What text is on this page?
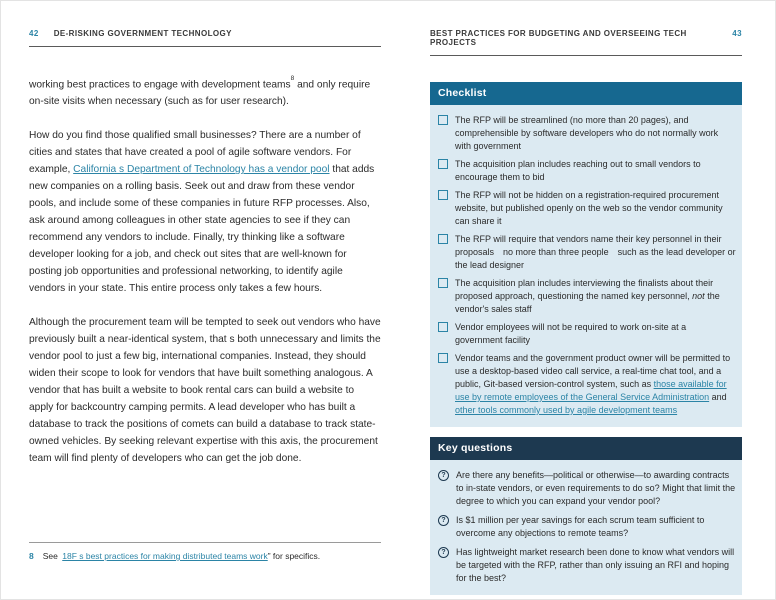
42 DE-RISKING GOVERNMENT TECHNOLOGY

working best practices to engage with development teams$^8$ and only require on-site visits when necessary (such as for user research).

How do you find those qualified small businesses? There are a number of cities and states that have created a pool of agile software vendors. For example, California s Department of Technology has a vendor pool that adds new companies on a rolling basis. Seek out and draw from these vendor pools, and include some of these companies in future RFP processes. Also, ask around among colleagues in other state agencies to see if they can recommend any vendors to include. Finally, try thinking like a software developer looking for a job, and check out sites that are well-known for posting job opportunities and professional networking, to identify agile vendors in your state. This entire process only takes a few hours.

Although the procurement team will be tempted to seek out vendors who have previously built a near-identical system, that s both unnecessary and limits the vendor pool to just a few big, international companies. Instead, they should widen their scope to look for vendors that have built something analogous. A vendor that has built a website to book rental cars can build a website to apply for backcountry camping permits. A lead developer who has built a database to track the positions of comets can build a database to track state-owned vehicles. By seeking relevant expertise with this axis, the procurement team will find plenty of developers who can get the job done.

8 See 18F s best practices for making distributed teams work” for specifics.
BEST PRACTICES FOR BUDGETING AND OVERSEEING TECH PROJECTS
43
Checklist
The RFP will be streamlined (no more than 20 pages), and comprehensible by software developers who do not normally work with government
The acquisition plan includes reaching out to small vendors to encourage them to bid
The RFP will not be hidden on a registration-required procurement website, but published openly on the web so the vendor community can share it
The RFP will require that vendors name their key personnel in their proposals no more than three people such as the lead developer or the lead designer
The acquisition plan includes interviewing the finalists about their proposed approach, questioning the named key personnel, not the vendor's sales staff
Vendor employees will not be required to work on-site at a government facility
Vendor teams and the government product owner will be permitted to use a desktop-based video call service, a real-time chat tool, and a public, Git-based version-control system, such as those available for use by remote employees of the General Service Administration and other tools commonly used by agile development teams
Key questions
?	Are there any benefits—political or otherwise—to awarding contracts to in-state vendors, or even requirements to do so? Might that limit the degree to which you can expand your vendor pool?
?	Is $1 million per year savings for each scrum team sufficient to overcome any objections to remote teams?
?	Has lightweight market research been done to know what vendors will be targeted with the RFP, rather than only issuing an RFI and hoping for the best?
